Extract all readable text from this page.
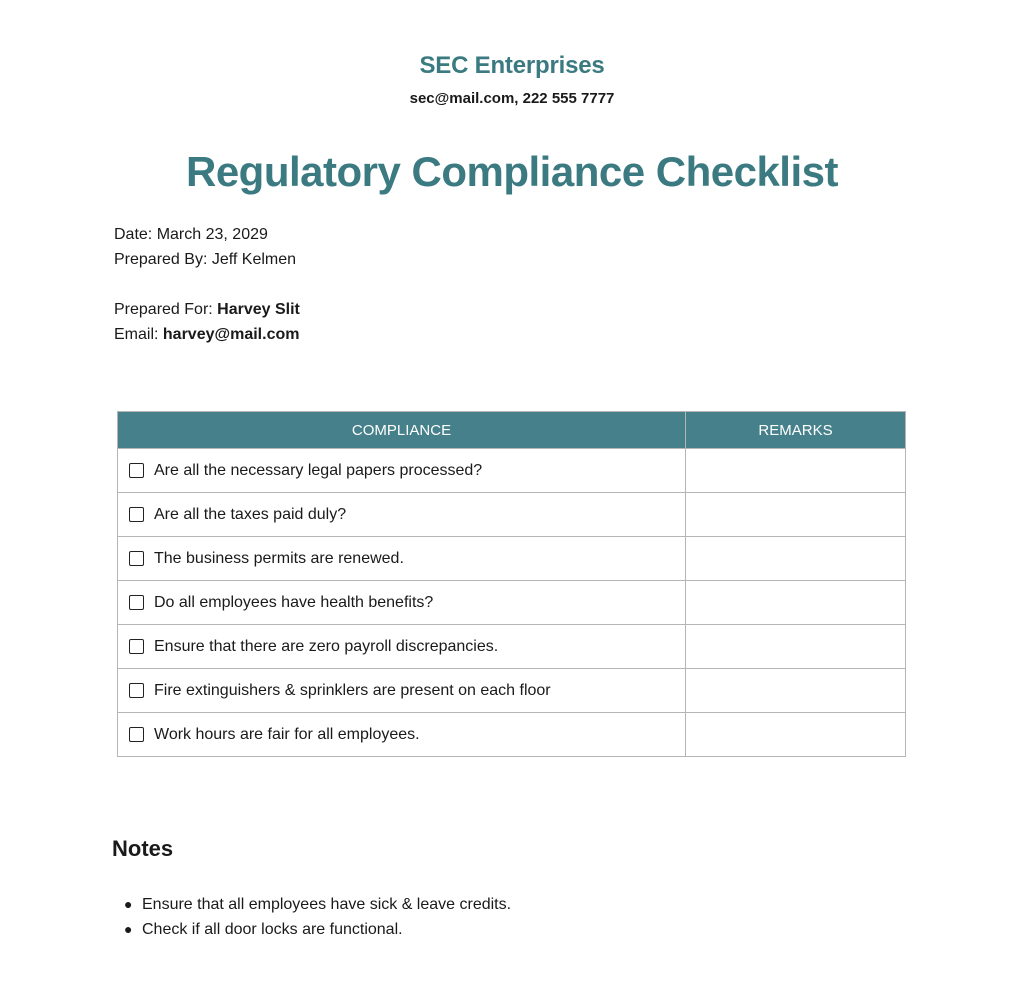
SEC Enterprises
sec@mail.com, 222 555 7777
Regulatory Compliance Checklist
Date: March 23, 2029
Prepared By: Jeff Kelmen
Prepared For: Harvey Slit
Email: harvey@mail.com
COMPLIANCE	REMARKS

Are all the necessary legal papers processed?	

Are all the taxes paid duly?	

The business permits are renewed.	

Do all employees have health benefits?	

Ensure that there are zero payroll discrepancies.	

Fire extinguishers & sprinklers are present on each floor	

Work hours are fair for all employees.	

Notes
● Ensure that all employees have sick & leave credits.
● Check if all door locks are functional.
